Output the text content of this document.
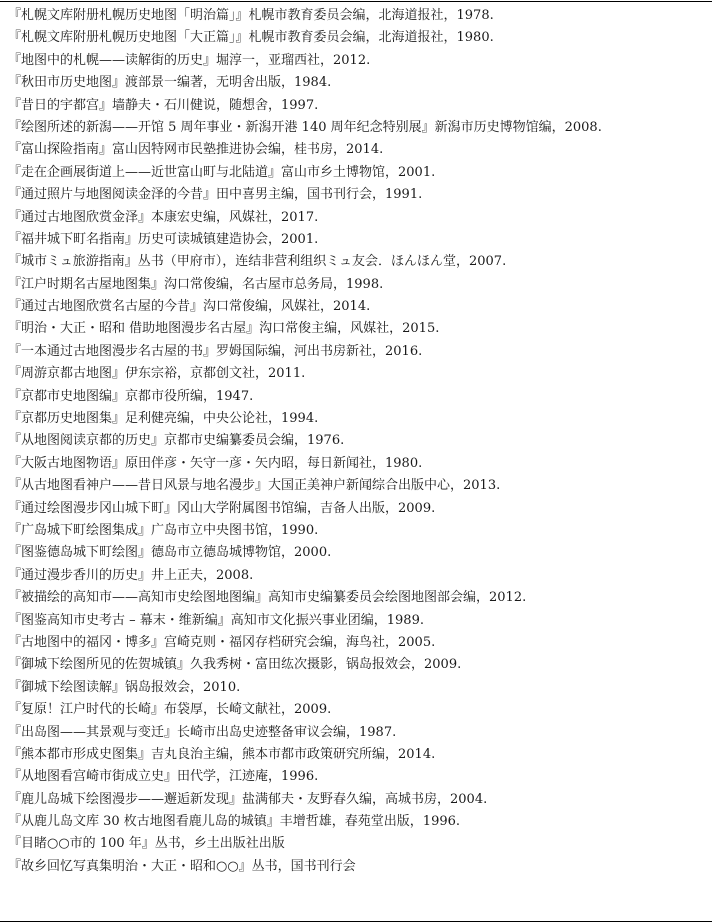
『札幌文库附册札幌历史地图「明治篇」』札幌市教育委员会编，北海道报社，1978.
『札幌文库附册札幌历史地图「大正篇」』札幌市教育委员会编，北海道报社，1980.
『地图中的札幌——读解街的历史』堀淳一，亚瑠西社，2012.
『秋田市历史地图』渡部景一编著，无明舍出版，1984.
『昔日的宇都宫』墙静夫・石川健说，随想舍，1997.
『绘图所述的新潟——开馆 5 周年事业・新潟开港 140 周年纪念特别展』新潟市历史博物馆编，2008.
『富山探险指南』富山因特网市民塾推进协会编，桂书房，2014.
『走在企画展街道上——近世富山町与北陆道』富山市乡土博物馆，2001.
『通过照片与地图阅读金泽的今昔』田中喜男主编，国书刊行会，1991.
『通过古地图欣赏金泽』本康宏史编，风媒社，2017.
『福井城下町名指南』历史可读城镇建造协会，2001.
『城市ミュ旅游指南』丛书（甲府市），连结非营利组织ミュ友会．ほんほん堂，2007.
『江户时期名古屋地图集』沟口常俊编，名古屋市总务局，1998.
『通过古地图欣赏名古屋的今昔』沟口常俊编，风媒社，2014.
『明治・大正・昭和 借助地图漫步名古屋』沟口常俊主编，风媒社，2015.
『一本通过古地图漫步名古屋的书』罗姆国际编，河出书房新社，2016.
『周游京都古地图』伊东宗裕，京都创文社，2011.
『京都市史地图编』京都市役所编，1947.
『京都历史地图集』足利健亮编，中央公论社，1994.
『从地图阅读京都的历史』京都市史编纂委员会编，1976.
『大阪古地图物语』原田伴彦・矢守一彦・矢内昭，每日新闻社，1980.
『从古地图看神户——昔日风景与地名漫步』大国正美神户新闻综合出版中心，2013.
『通过绘图漫步冈山城下町』冈山大学附属图书馆编，吉备人出版，2009.
『广岛城下町绘图集成』广岛市立中央图书馆，1990.
『图鉴德岛城下町绘图』德岛市立德岛城博物馆，2000.
『通过漫步香川的历史』井上正夫，2008.
『被描绘的高知市——高知市史绘图地图编』高知市史编纂委员会绘图地图部会编，2012.
『图鉴高知市史考古 – 幕末・维新编』高知市文化振兴事业团编，1989.
『古地图中的福冈・博多』宫崎克则・福冈存档研究会编，海鸟社，2005.
『御城下绘图所见的佐贺城镇』久我秀树・富田纮次摄影，锅岛报效会，2009.
『御城下绘图读解』锅岛报效会，2010.
『复原！江户时代的长崎』布袋厚，长崎文献社，2009.
『出岛图——其景观与变迁』长崎市出岛史迹整备审议会编，1987.
『熊本都市形成史图集』吉丸良治主编，熊本市都市政策研究所编，2014.
『从地图看宫崎市街成立史』田代学，江迹庵，1996.
『鹿儿岛城下绘图漫步——邂逅新发现』盐满郁夫・友野春久编，高城书房，2004.
『从鹿儿岛文库 30 枚古地图看鹿儿岛的城镇』丰增哲雄，春苑堂出版，1996.
『目睹○○市的 100 年』丛书，乡土出版社出版
『故乡回忆写真集明治・大正・昭和○○』丛书，国书刊行会
